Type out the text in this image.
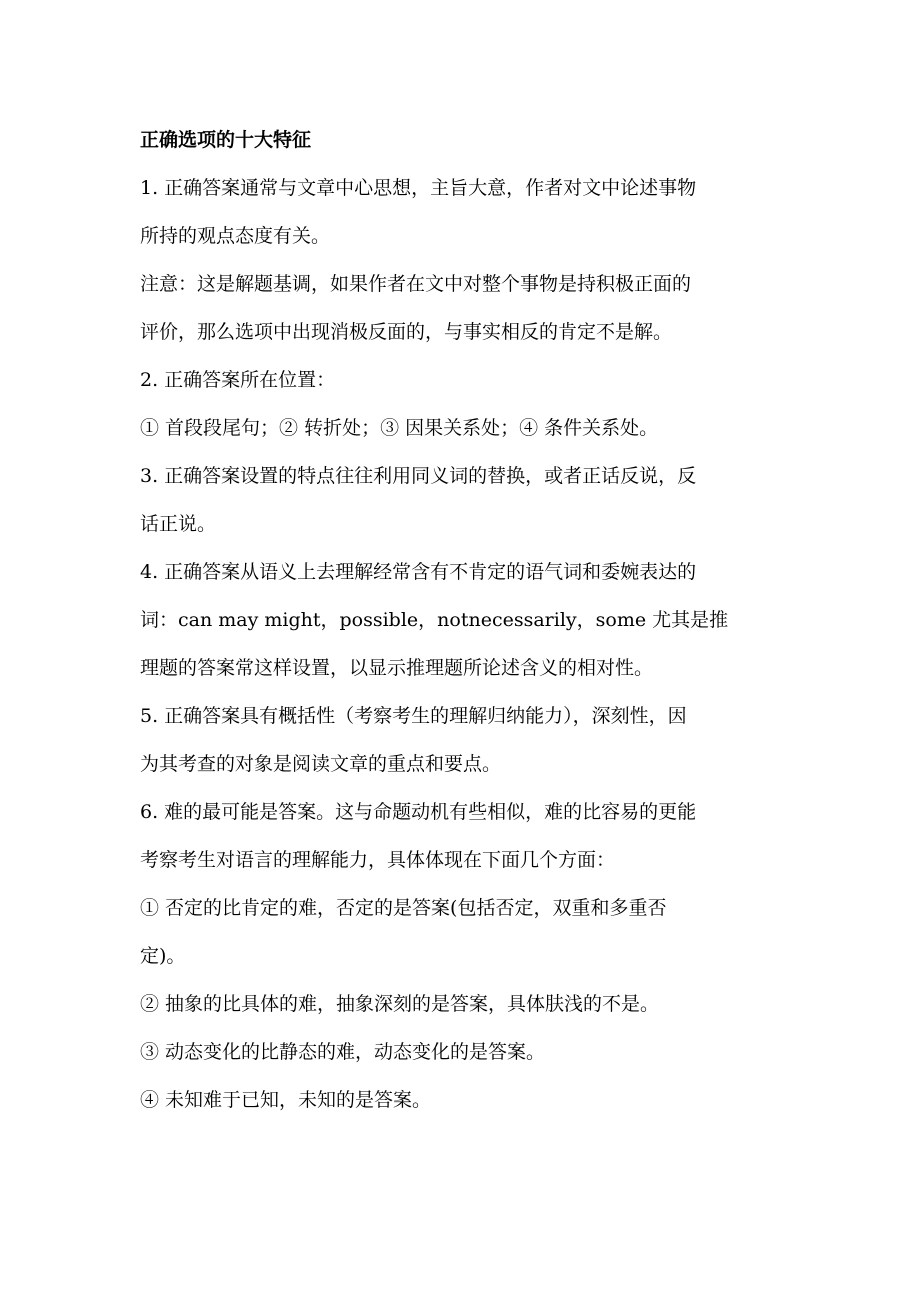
正确选项的十大特征
1. 正确答案通常与文章中心思想，主旨大意，作者对文中论述事物
所持的观点态度有关。
注意：这是解题基调，如果作者在文中对整个事物是持积极正面的
评价，那么选项中出现消极反面的，与事实相反的肯定不是解。
2. 正确答案所在位置：
① 首段段尾句；② 转折处；③ 因果关系处；④ 条件关系处。
3. 正确答案设置的特点往往利用同义词的替换，或者正话反说，反
话正说。
4. 正确答案从语义上去理解经常含有不肯定的语气词和委婉表达的
词：can may might，possible，notnecessarily，some 尤其是推
理题的答案常这样设置，以显示推理题所论述含义的相对性。
5. 正确答案具有概括性（考察考生的理解归纳能力），深刻性，因
为其考查的对象是阅读文章的重点和要点。
6. 难的最可能是答案。这与命题动机有些相似，难的比容易的更能
考察考生对语言的理解能力，具体体现在下面几个方面：
① 否定的比肯定的难，否定的是答案(包括否定，双重和多重否
定)。
② 抽象的比具体的难，抽象深刻的是答案，具体肤浅的不是。
③ 动态变化的比静态的难，动态变化的是答案。
④ 未知难于已知，未知的是答案。
